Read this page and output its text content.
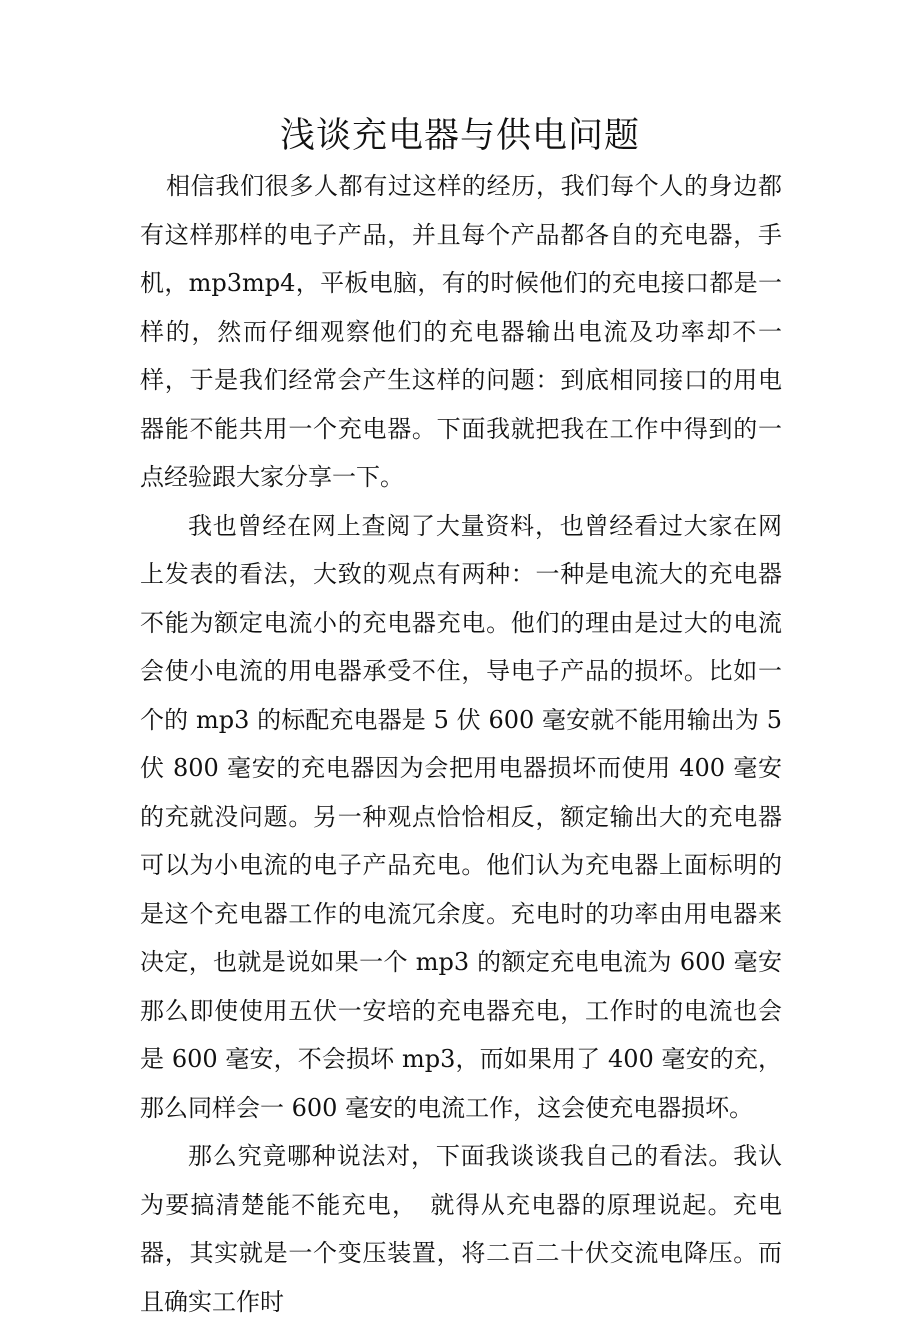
浅谈充电器与供电问题

相信我们很多人都有过这样的经历，我们每个人的身边都有这样那样的电子产品，并且每个产品都各自的充电器，手机，mp3mp4，平板电脑，有的时候他们的充电接口都是一样的，然而仔细观察他们的充电器输出电流及功率却不一样，于是我们经常会产生这样的问题：到底相同接口的用电器能不能共用一个充电器。下面我就把我在工作中得到的一点经验跟大家分享一下。

我也曾经在网上查阅了大量资料，也曾经看过大家在网上发表的看法，大致的观点有两种：一种是电流大的充电器不能为额定电流小的充电器充电。他们的理由是过大的电流会使小电流的用电器承受不住，导电子产品的损坏。比如一个的 mp3 的标配充电器是 5 伏 600 毫安就不能用输出为 5 伏 800 毫安的充电器因为会把用电器损坏而使用 400 毫安的充就没问题。另一种观点恰恰相反，额定输出大的充电器可以为小电流的电子产品充电。他们认为充电器上面标明的是这个充电器工作的电流冗余度。充电时的功率由用电器来决定，也就是说如果一个 mp3 的额定充电电流为 600 毫安那么即使使用五伏一安培的充电器充电，工作时的电流也会是 600 毫安，不会损坏 mp3，而如果用了 400 毫安的充，那么同样会一 600 毫安的电流工作，这会使充电器损坏。

那么究竟哪种说法对，下面我谈谈我自己的看法。我认为要搞清楚能不能充电，　就得从充电器的原理说起。充电器，其实就是一个变压装置，将二百二十伏交流电降压。而且确实工作时
